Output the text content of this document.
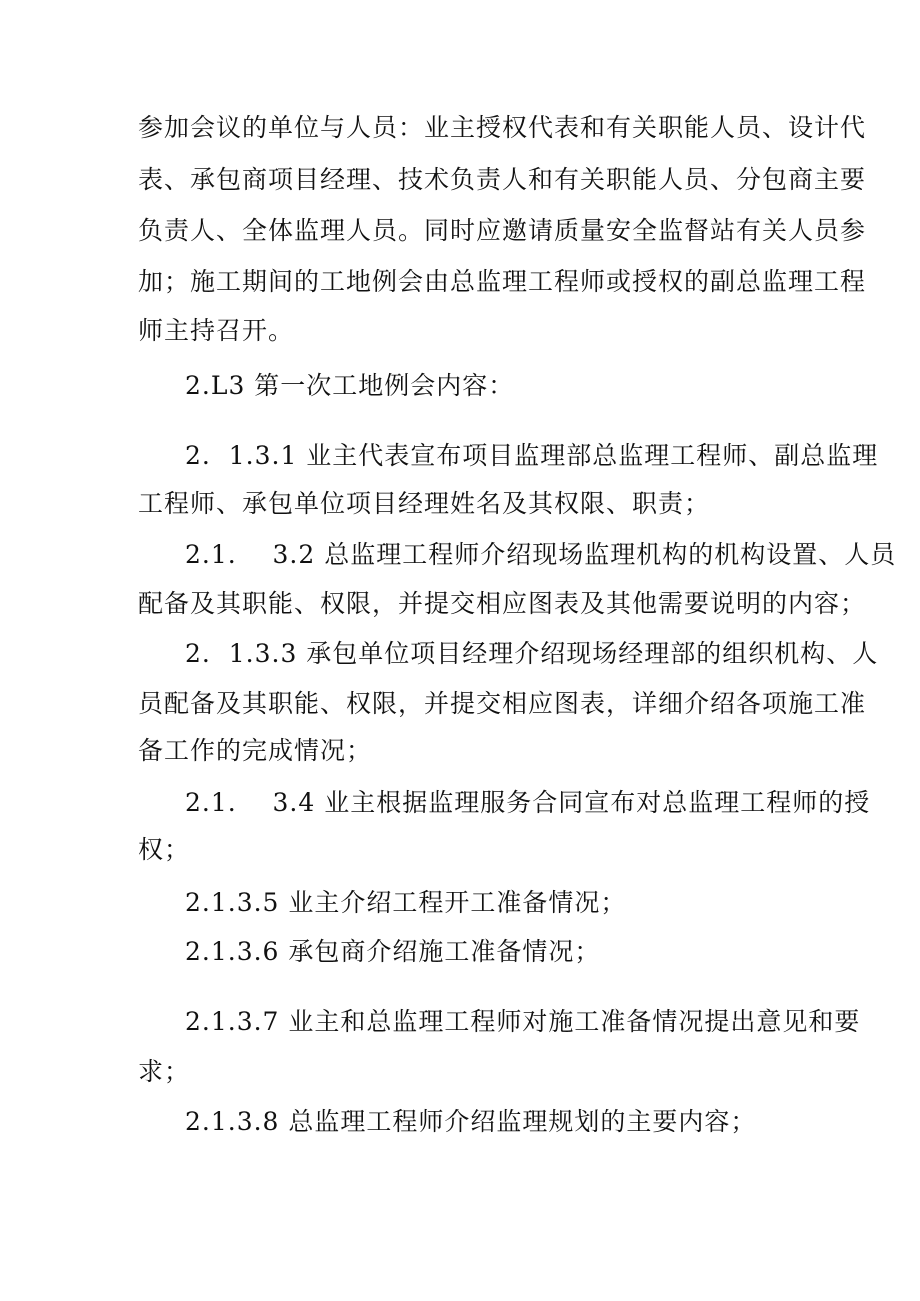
参加会议的单位与人员：业主授权代表和有关职能人员、设计代
表、承包商项目经理、技术负责人和有关职能人员、分包商主要
负责人、全体监理人员。同时应邀请质量安全监督站有关人员参
加；施工期间的工地例会由总监理工程师或授权的副总监理工程
师主持召开。
2.L3 第一次工地例会内容：
2.  1.3.1 业主代表宣布项目监理部总监理工程师、副总监理
工程师、承包单位项目经理姓名及其权限、职责；
2.1.    3.2 总监理工程师介绍现场监理机构的机构设置、人员
配备及其职能、权限，并提交相应图表及其他需要说明的内容；
2.  1.3.3 承包单位项目经理介绍现场经理部的组织机构、人
员配备及其职能、权限，并提交相应图表，详细介绍各项施工准
备工作的完成情况；
2.1.    3.4 业主根据监理服务合同宣布对总监理工程师的授
权；
2.1.3.5 业主介绍工程开工准备情况；
2.1.3.6 承包商介绍施工准备情况；
2.1.3.7 业主和总监理工程师对施工准备情况提出意见和要
求；
2.1.3.8 总监理工程师介绍监理规划的主要内容；
